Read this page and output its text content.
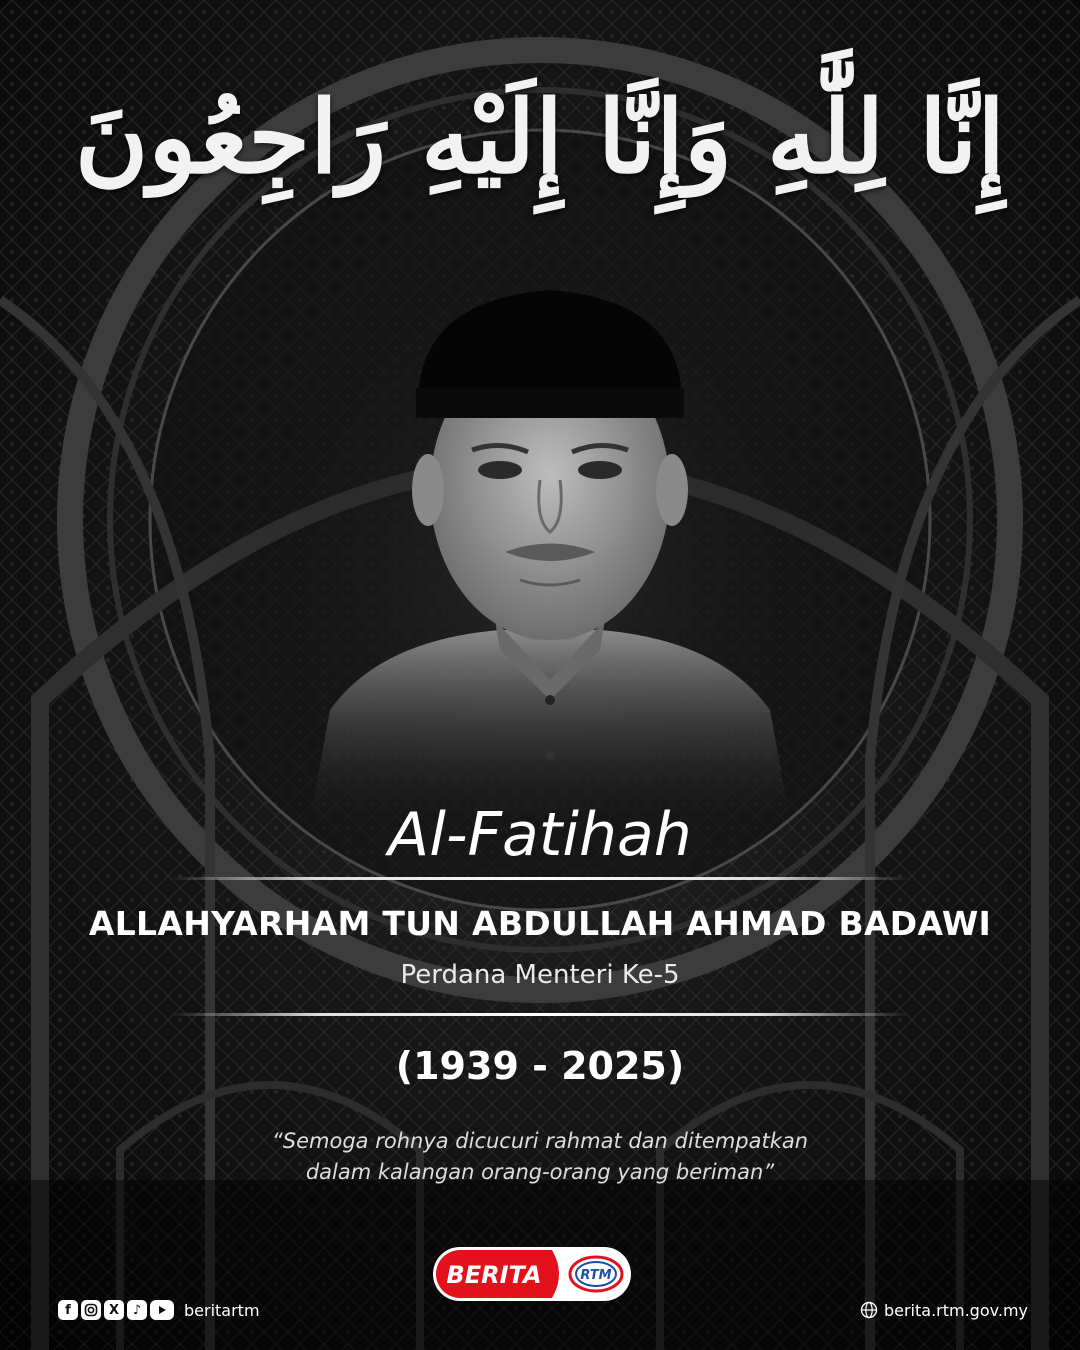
إِنَّا لِلَّٰهِ وَإِنَّا إِلَيْهِ رَاجِعُونَ
Al-Fatihah
ALLAHYARHAM TUN ABDULLAH AHMAD BADAWI
Perdana Menteri Ke-5
(1939 - 2025)
“Semoga rohnya dicucuri rahmat dan ditempatkan
dalam kalangan orang-orang yang beriman”
BERITA	RTM
f	X	♪	beritartm	berita.rtm.gov.my
